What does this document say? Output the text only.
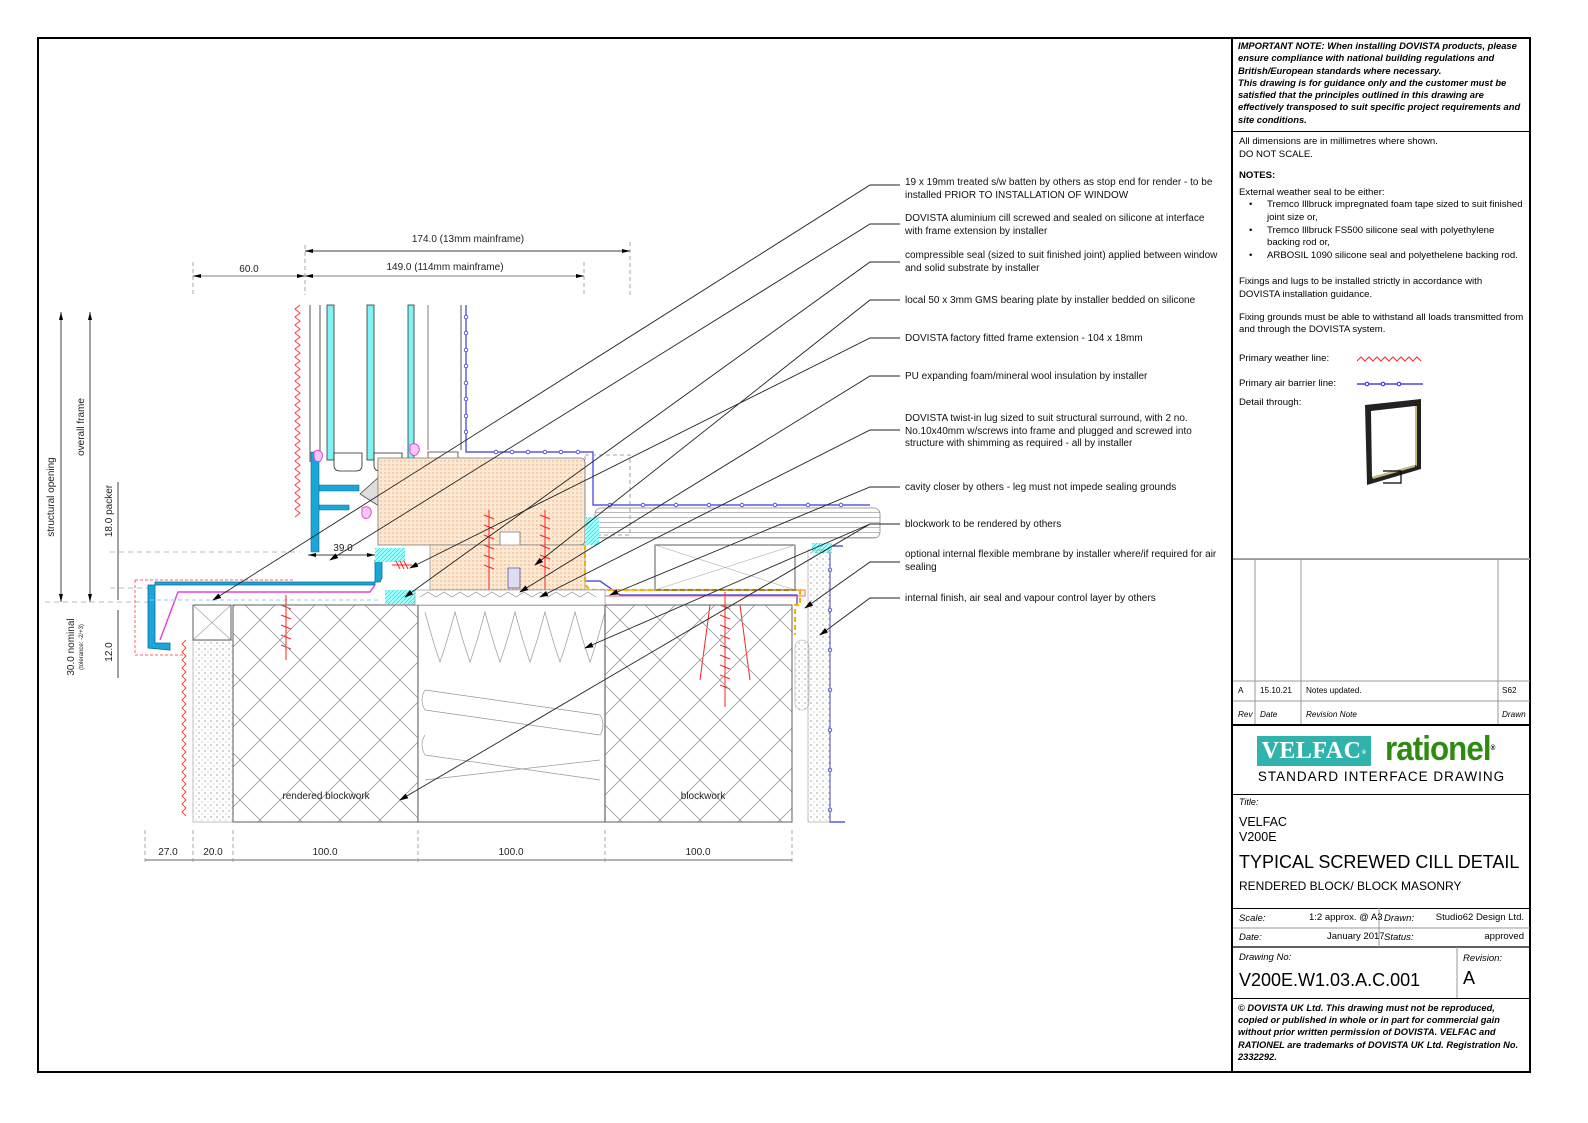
174.0 (13mm mainframe)
149.0 (114mm mainframe)
60.0
structural opening
overall frame
18.0 packer
30.0 nominal (tolerance: -2/+3) 12.0
39.0
rendered blockwork	blockwork
27.0	20.0	100.0	100.0	100.0
19 x 19mm treated s/w batten by others as stop end for render - to be installed PRIOR TO INSTALLATION OF WINDOW
DOVISTA aluminium cill screwed and sealed on silicone at interface with frame extension by installer
compressible seal (sized to suit finished joint) applied between window and solid substrate by installer
local 50 x 3mm GMS bearing plate by installer bedded on silicone
DOVISTA factory fitted frame extension - 104 x 18mm
PU expanding foam/mineral wool insulation by installer
DOVISTA twist-in lug sized to suit structural surround, with 2 no. No.10x40mm w/screws into frame and plugged and screwed into structure with shimming as required - all by installer
cavity closer by others - leg must not impede sealing grounds
blockwork to be rendered by others
optional internal flexible membrane by installer where/if required for air sealing
internal finish, air seal and vapour control layer by others
IMPORTANT NOTE: When installing DOVISTA products, please ensure compliance with national building regulations and British/European standards where necessary.
This drawing is for guidance only and the customer must be satisfied that the principles outlined in this drawing are effectively transposed to suit specific project requirements and site conditions.

All dimensions are in millimetres where shown.
DO NOT SCALE.

NOTES:

External weather seal to be either:

• Tremco Illbruck impregnated foam tape sized to suit finished joint size or,
• Tremco Illbruck FS500 silicone seal with polyethylene backing rod or,
• ARBOSIL 1090 silicone seal and polyethelene backing rod.

Fixings and lugs to be installed strictly in accordance with DOVISTA installation guidance.

Fixing grounds must be able to withstand all loads transmitted from and through the DOVISTA system.

Primary weather line:
Primary air barrier line:
Detail through:
A 15.10.21 Notes updated.	S62
Rev Date	Revision Note	Drawn
VELFAC® rationel®
STANDARD INTERFACE DRAWING
Title:
VELFAC
V200E
TYPICAL SCREWED CILL DETAIL
RENDERED BLOCK/ BLOCK MASONRY
Scale:	1:2 approx. @ A3 Drawn: Studio62 Design Ltd.
Date:	January 2017 Status:	approved
Drawing No:
V200E.W1.03.A.C.001
Revision:
A
© DOVISTA UK Ltd. This drawing must not be reproduced, copied or published in whole or in part for commercial gain without prior written permission of DOVISTA. VELFAC and RATIONEL are trademarks of DOVISTA UK Ltd. Registration No. 2332292.
